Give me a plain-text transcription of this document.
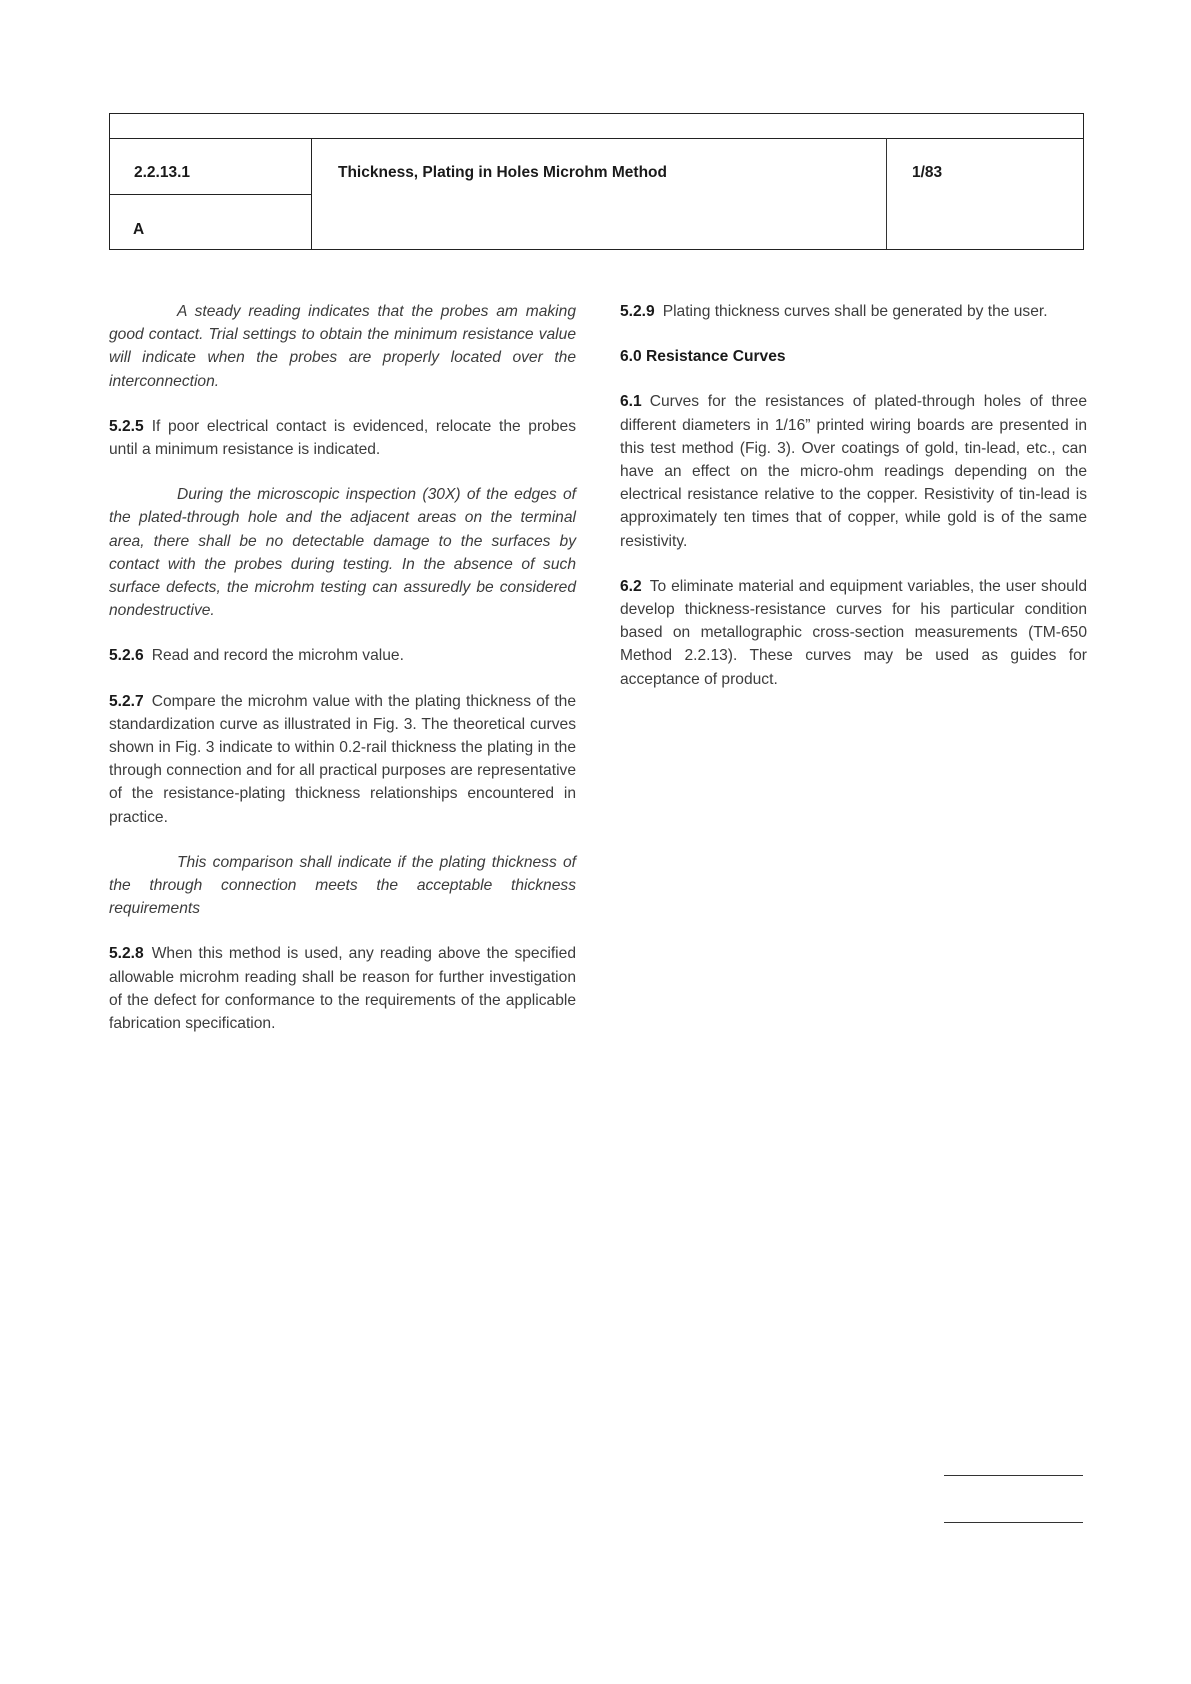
2.2.13.1
A
Thickness, Plating in Holes Microhm Method	1/83

A steady reading indicates that the probes am making good contact. Trial settings to obtain the minimum resistance value will indicate when the probes are properly located over the interconnection.

5.2.5 If poor electrical contact is evidenced, relocate the probes until a minimum resistance is indicated.

During the microscopic inspection (30X) of the edges of the plated-through hole and the adjacent areas on the terminal area, there shall be no detectable damage to the surfaces by contact with the probes during testing. In the absence of such surface defects, the microhm testing can assuredly be considered nondestructive.

5.2.6 Read and record the microhm value.

5.2.7 Compare the microhm value with the plating thickness of the standardization curve as illustrated in Fig. 3. The theoretical curves shown in Fig. 3 indicate to within 0.2-rail thickness the plating in the through connection and for all practical purposes are representative of the resistance-plating thickness relationships encountered in practice.

This comparison shall indicate if the plating thickness of the through connection meets the acceptable thickness requirements

5.2.8 When this method is used, any reading above the specified allowable microhm reading shall be reason for further investigation of the defect for conformance to the requirements of the applicable fabrication specification.

5.2.9 Plating thickness curves shall be generated by the user.

6.0 Resistance Curves

6.1 Curves for the resistances of plated-through holes of three different diameters in 1/16” printed wiring boards are presented in this test method (Fig. 3). Over coatings of gold, tin-lead, etc., can have an effect on the micro-ohm readings depending on the electrical resistance relative to the copper. Resistivity of tin-lead is approximately ten times that of copper, while gold is of the same resistivity.

6.2 To eliminate material and equipment variables, the user should develop thickness-resistance curves for his particular condition based on metallographic cross-section measurements (TM-650 Method 2.2.13). These curves may be used as guides for acceptance of product.
